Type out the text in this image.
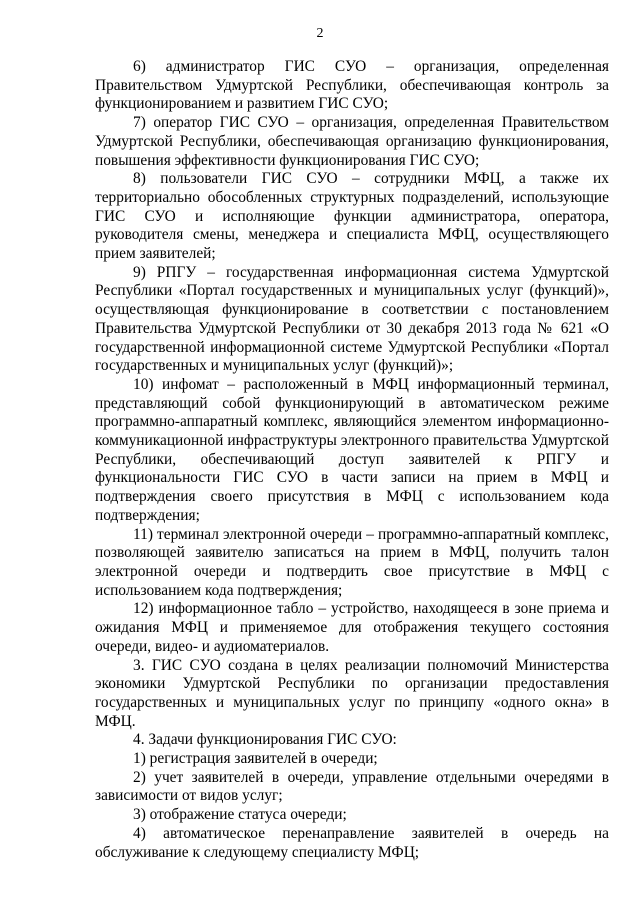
2

6) администратор ГИС СУО – организация, определенная Правительством Удмуртской Республики, обеспечивающая контроль за функционированием и развитием ГИС СУО;

7) оператор ГИС СУО – организация, определенная Правительством Удмуртской Республики, обеспечивающая организацию функционирования, повышения эффективности функционирования ГИС СУО;

8) пользователи ГИС СУО – сотрудники МФЦ, а также их территориально обособленных структурных подразделений, использующие ГИС СУО и исполняющие функции администратора, оператора, руководителя смены, менеджера и специалиста МФЦ, осуществляющего прием заявителей;

9) РПГУ – государственная информационная система Удмуртской Республики «Портал государственных и муниципальных услуг (функций)», осуществляющая функционирование в соответствии с постановлением Правительства Удмуртской Республики от 30 декабря 2013 года № 621 «О государственной информационной системе Удмуртской Республики «Портал государственных и муниципальных услуг (функций)»;

10) инфомат – расположенный в МФЦ информационный терминал, представляющий собой функционирующий в автоматическом режиме программно-аппаратный комплекс, являющийся элементом информационно-коммуникационной инфраструктуры электронного правительства Удмуртской Республики, обеспечивающий доступ заявителей к РПГУ и функциональности ГИС СУО в части записи на прием в МФЦ и подтверждения своего присутствия в МФЦ с использованием кода подтверждения;

11) терминал электронной очереди – программно-аппаратный комплекс, позволяющей заявителю записаться на прием в МФЦ, получить талон электронной очереди и подтвердить свое присутствие в МФЦ с использованием кода подтверждения;

12) информационное табло – устройство, находящееся в зоне приема и ожидания МФЦ и применяемое для отображения текущего состояния очереди, видео- и аудиоматериалов.

3. ГИС СУО создана в целях реализации полномочий Министерства экономики Удмуртской Республики по организации предоставления государственных и муниципальных услуг по принципу «одного окна» в МФЦ.

4. Задачи функционирования ГИС СУО:

1) регистрация заявителей в очереди;

2) учет заявителей в очереди, управление отдельными очередями в зависимости от видов услуг;

3) отображение статуса очереди;

4) автоматическое перенаправление заявителей в очередь на обслуживание к следующему специалисту МФЦ;
